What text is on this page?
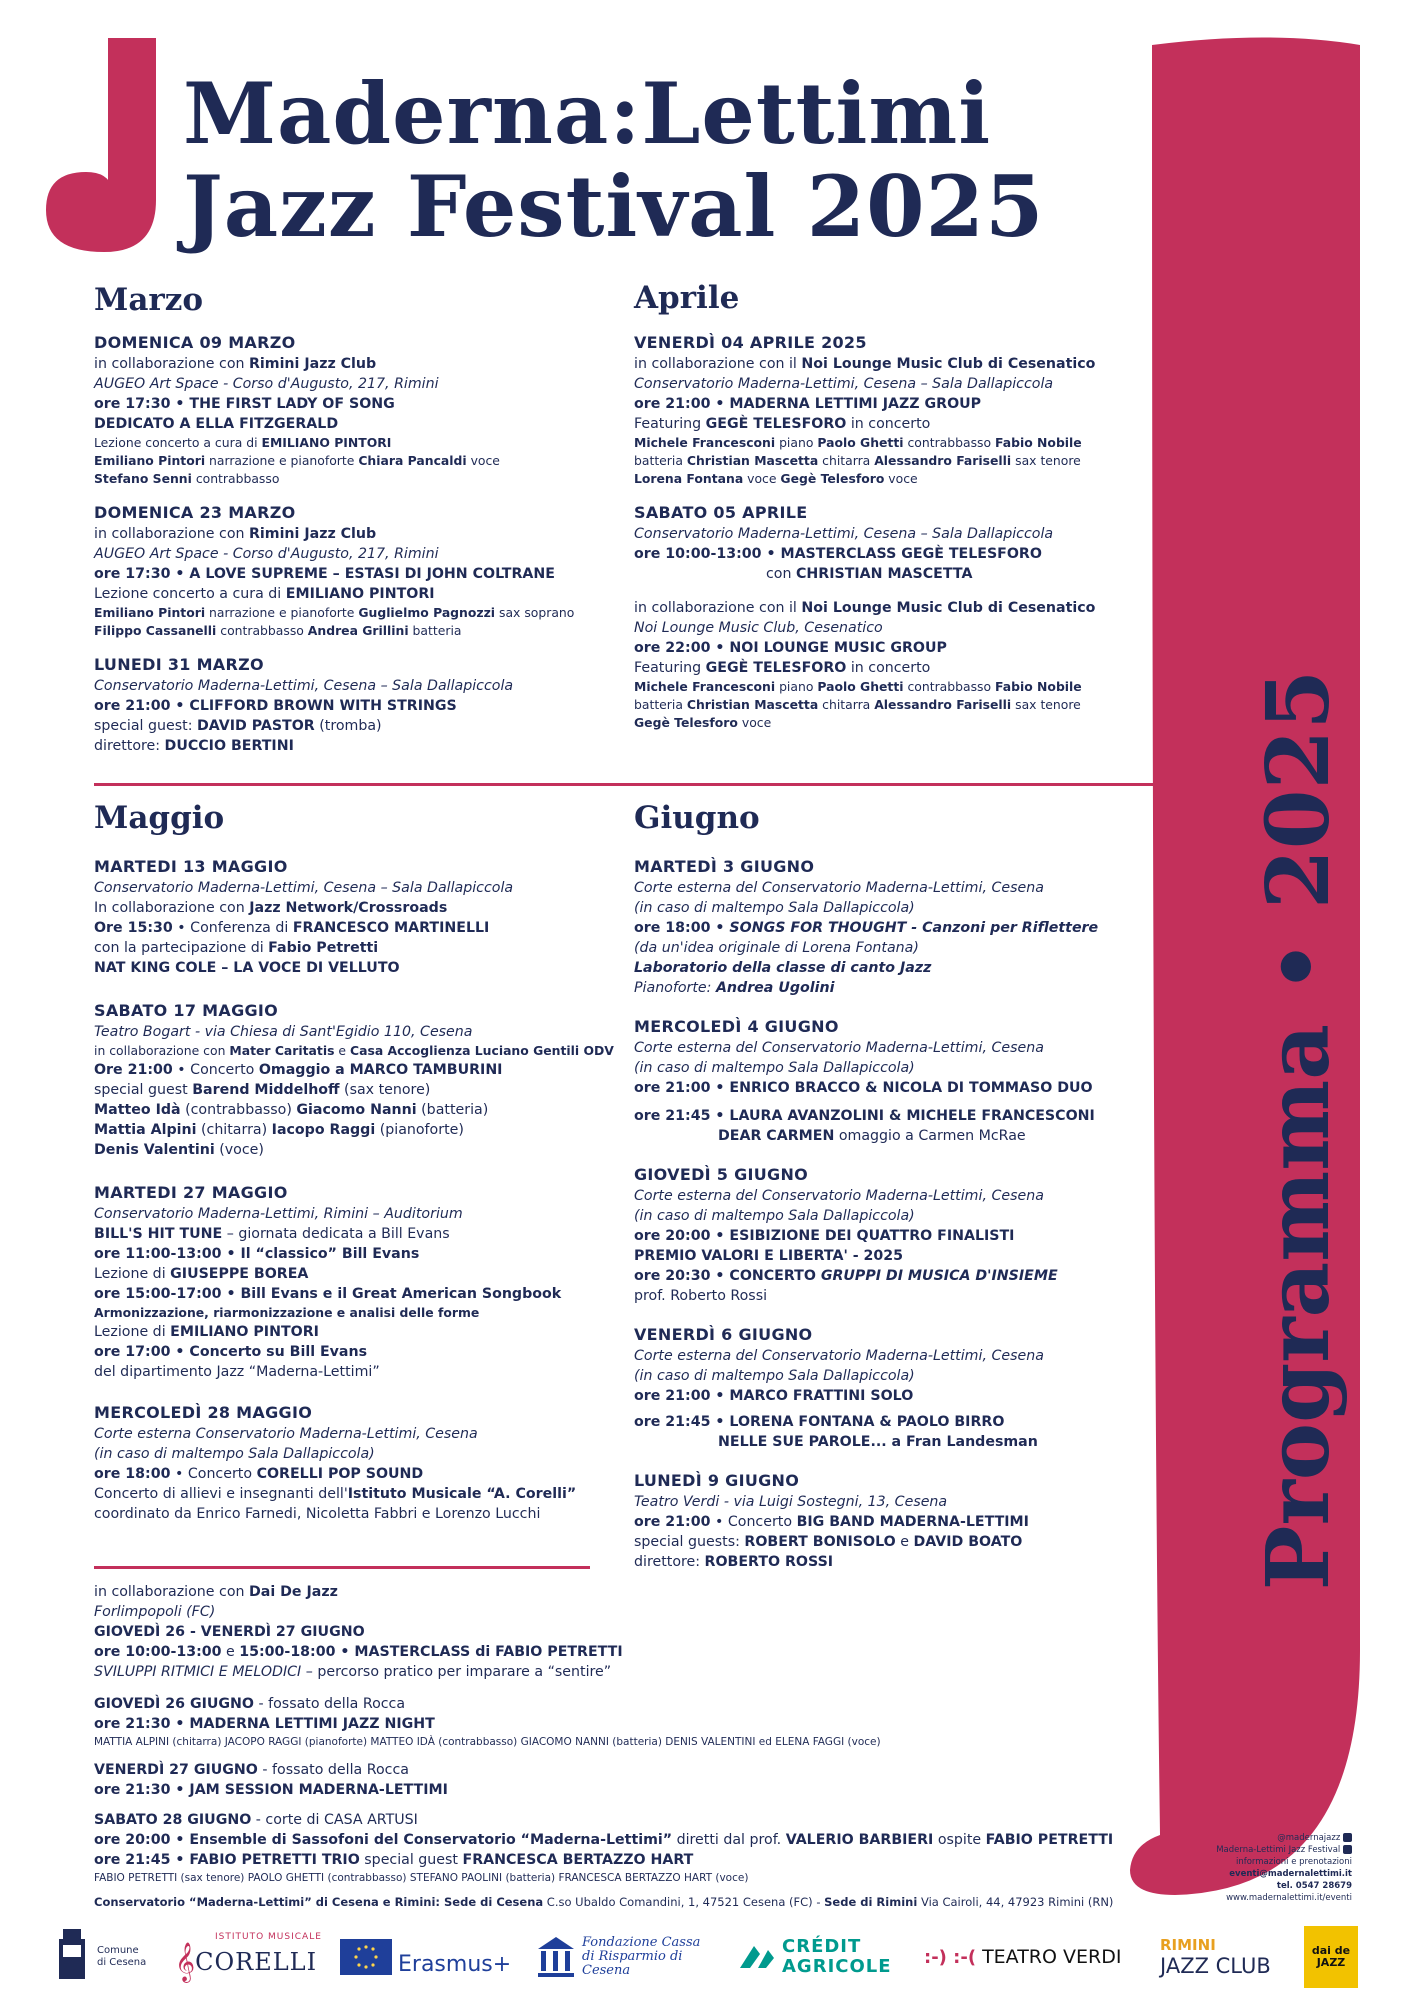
Maderna:Lettimi
Jazz Festival 2025
Programma • 2025
Marzo	Aprile
Maggio	Giugno

DOMENICA 09 MARZO

in collaborazione con Rimini Jazz Club

AUGEO Art Space - Corso d'Augusto, 217, Rimini

ore 17:30 • THE FIRST LADY OF SONG

DEDICATO A ELLA FITZGERALD

Lezione concerto a cura di EMILIANO PINTORI

Emiliano Pintori narrazione e pianoforte Chiara Pancaldi voce

Stefano Senni contrabbasso

DOMENICA 23 MARZO

in collaborazione con Rimini Jazz Club

AUGEO Art Space - Corso d'Augusto, 217, Rimini

ore 17:30 • A LOVE SUPREME – ESTASI DI JOHN COLTRANE

Lezione concerto a cura di EMILIANO PINTORI

Emiliano Pintori narrazione e pianoforte Guglielmo Pagnozzi sax soprano

Filippo Cassanelli contrabbasso Andrea Grillini batteria

LUNEDI 31 MARZO

Conservatorio Maderna-Lettimi, Cesena – Sala Dallapiccola

ore 21:00 • CLIFFORD BROWN WITH STRINGS

special guest: DAVID PASTOR (tromba)

direttore: DUCCIO BERTINI

VENERDÌ 04 APRILE 2025

in collaborazione con il Noi Lounge Music Club di Cesenatico

Conservatorio Maderna-Lettimi, Cesena – Sala Dallapiccola

ore 21:00 • MADERNA LETTIMI JAZZ GROUP

Featuring GEGÈ TELESFORO in concerto

Michele Francesconi piano Paolo Ghetti contrabbasso Fabio Nobile

batteria Christian Mascetta chitarra Alessandro Fariselli sax tenore

Lorena Fontana voce Gegè Telesforo voce

SABATO 05 APRILE

Conservatorio Maderna-Lettimi, Cesena – Sala Dallapiccola

ore 10:00-13:00 • MASTERCLASS GEGÈ TELESFORO

con CHRISTIAN MASCETTA

in collaborazione con il Noi Lounge Music Club di Cesenatico

Noi Lounge Music Club, Cesenatico

ore 22:00 • NOI LOUNGE MUSIC GROUP

Featuring GEGÈ TELESFORO in concerto

Michele Francesconi piano Paolo Ghetti contrabbasso Fabio Nobile

batteria Christian Mascetta chitarra Alessandro Fariselli sax tenore

Gegè Telesforo voce

MARTEDI 13 MAGGIO

Conservatorio Maderna-Lettimi, Cesena – Sala Dallapiccola

In collaborazione con Jazz Network/Crossroads

Ore 15:30 • Conferenza di FRANCESCO MARTINELLI

con la partecipazione di Fabio Petretti

NAT KING COLE – LA VOCE DI VELLUTO

SABATO 17 MAGGIO

Teatro Bogart - via Chiesa di Sant'Egidio 110, Cesena

in collaborazione con Mater Caritatis e Casa Accoglienza Luciano Gentili ODV

Ore 21:00 • Concerto Omaggio a MARCO TAMBURINI

special guest Barend Middelhoff (sax tenore)

Matteo Idà (contrabbasso) Giacomo Nanni (batteria)

Mattia Alpini (chitarra) Iacopo Raggi (pianoforte)

Denis Valentini (voce)

MARTEDI 27 MAGGIO

Conservatorio Maderna-Lettimi, Rimini – Auditorium

BILL'S HIT TUNE – giornata dedicata a Bill Evans

ore 11:00-13:00 • Il “classico” Bill Evans

Lezione di GIUSEPPE BOREA

ore 15:00-17:00 • Bill Evans e il Great American Songbook

Armonizzazione, riarmonizzazione e analisi delle forme

Lezione di EMILIANO PINTORI

ore 17:00 • Concerto su Bill Evans

del dipartimento Jazz “Maderna-Lettimi”

MERCOLEDÌ 28 MAGGIO

Corte esterna Conservatorio Maderna-Lettimi, Cesena

(in caso di maltempo Sala Dallapiccola)

ore 18:00 • Concerto CORELLI POP SOUND

Concerto di allievi e insegnanti dell'Istituto Musicale “A. Corelli”

coordinato da Enrico Farnedi, Nicoletta Fabbri e Lorenzo Lucchi

MARTEDÌ 3 GIUGNO

Corte esterna del Conservatorio Maderna-Lettimi, Cesena

(in caso di maltempo Sala Dallapiccola)

ore 18:00 • SONGS FOR THOUGHT - Canzoni per Riflettere

(da un'idea originale di Lorena Fontana)

Laboratorio della classe di canto Jazz

Pianoforte: Andrea Ugolini

MERCOLEDÌ 4 GIUGNO

Corte esterna del Conservatorio Maderna-Lettimi, Cesena

(in caso di maltempo Sala Dallapiccola)

ore 21:00 • ENRICO BRACCO & NICOLA DI TOMMASO DUO

ore 21:45 • LAURA AVANZOLINI & MICHELE FRANCESCONI

DEAR CARMEN omaggio a Carmen McRae

GIOVEDÌ 5 GIUGNO

Corte esterna del Conservatorio Maderna-Lettimi, Cesena

(in caso di maltempo Sala Dallapiccola)

ore 20:00 • ESIBIZIONE DEI QUATTRO FINALISTI

PREMIO VALORI E LIBERTA' - 2025

ore 20:30 • CONCERTO GRUPPI DI MUSICA D'INSIEME

prof. Roberto Rossi

VENERDÌ 6 GIUGNO

Corte esterna del Conservatorio Maderna-Lettimi, Cesena

(in caso di maltempo Sala Dallapiccola)

ore 21:00 • MARCO FRATTINI SOLO

ore 21:45 • LORENA FONTANA & PAOLO BIRRO

NELLE SUE PAROLE... a Fran Landesman

LUNEDÌ 9 GIUGNO

Teatro Verdi - via Luigi Sostegni, 13, Cesena

ore 21:00 • Concerto BIG BAND MADERNA-LETTIMI

special guests: ROBERT BONISOLO e DAVID BOATO

direttore: ROBERTO ROSSI

in collaborazione con Dai De Jazz

Forlimpopoli (FC)

GIOVEDÌ 26 - VENERDÌ 27 GIUGNO

ore 10:00-13:00 e 15:00-18:00 • MASTERCLASS di FABIO PETRETTI

SVILUPPI RITMICI E MELODICI – percorso pratico per imparare a “sentire”

GIOVEDÌ 26 GIUGNO - fossato della Rocca

ore 21:30 • MADERNA LETTIMI JAZZ NIGHT

MATTIA ALPINI (chitarra) JACOPO RAGGI (pianoforte) MATTEO IDÀ (contrabbasso) GIACOMO NANNI (batteria) DENIS VALENTINI ed ELENA FAGGI (voce)

VENERDÌ 27 GIUGNO - fossato della Rocca

ore 21:30 • JAM SESSION MADERNA-LETTIMI

SABATO 28 GIUGNO - corte di CASA ARTUSI

ore 20:00 • Ensemble di Sassofoni del Conservatorio “Maderna-Lettimi” diretti dal prof. VALERIO BARBIERI ospite FABIO PETRETTI

ore 21:45 • FABIO PETRETTI TRIO special guest FRANCESCA BERTAZZO HART

FABIO PETRETTI (sax tenore) PAOLO GHETTI (contrabbasso) STEFANO PAOLINI (batteria) FRANCESCA BERTAZZO HART (voce)

@madernajazz
Maderna-Lettimi Jazz Festival
informazioni e prenotazioni
eventi@madernalettimi.it
tel. 0547 28679
www.madernalettimi.it/eventi
Conservatorio “Maderna-Lettimi” di Cesena e Rimini: Sede di Cesena C.so Ubaldo Comandini, 1, 47521 Cesena (FC) - Sede di Rimini Via Cairoli, 44, 47923 Rimini (RN)
Comune di Cesena
ISTITUTO MUSICALE
𝄞 CORELLI	Erasmus+
Fondazione Cassa di Risparmio di Cesena
CRÉDIT
AGRICOLE :-) :-( TEATRO VERDI
RIMINI
JAZZ CLUB
dai de JAZZ
